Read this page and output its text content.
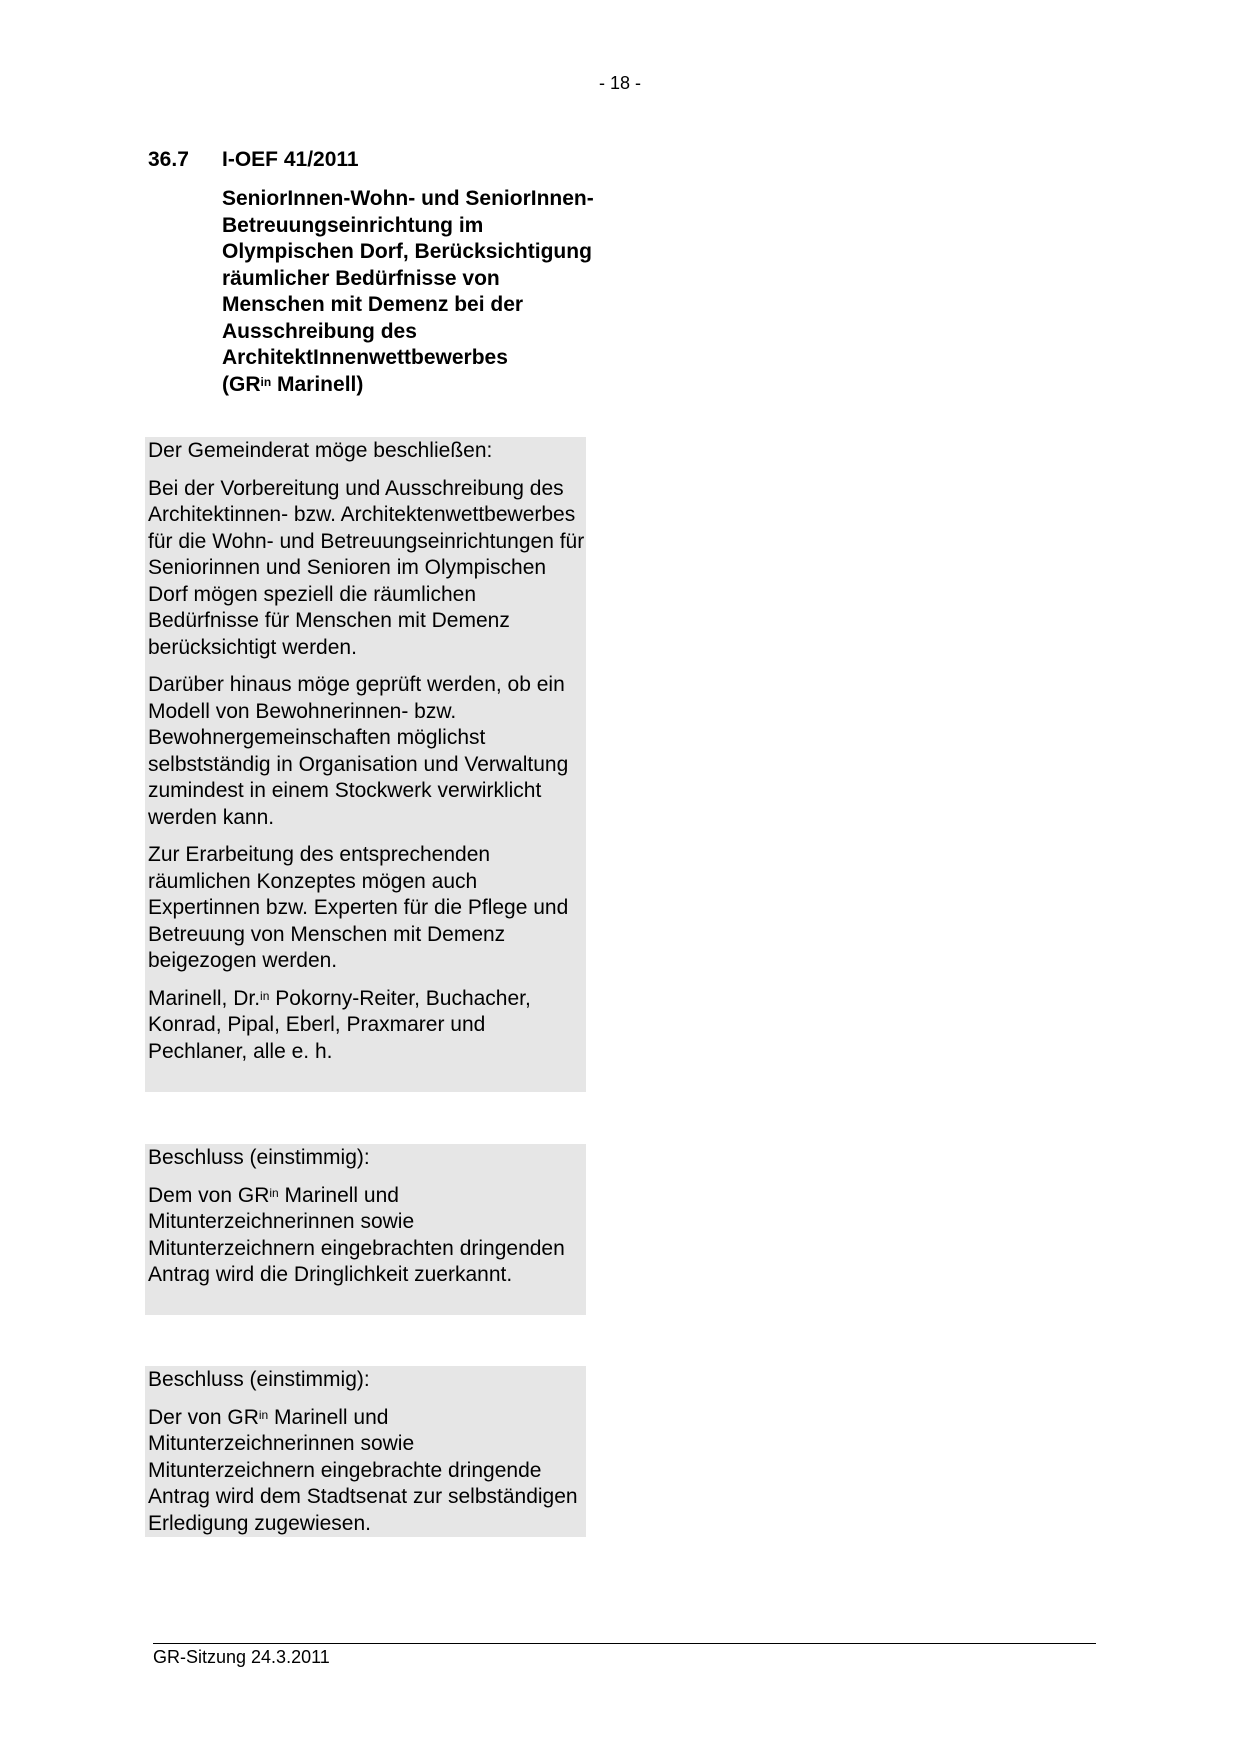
- 18 -
36.7 I-OEF 41/2011
SeniorInnen-Wohn- und SeniorInnen-Betreuungseinrichtung im Olympischen Dorf, Berücksichtigung räumlicher Bedürfnisse von Menschen mit Demenz bei der Ausschreibung des ArchitektInnenwettbewerbes
($GR^{in}$ Marinell)

Der Gemeinderat möge beschließen:

Bei der Vorbereitung und Ausschreibung des Architektinnen- bzw. Architektenwettbewerbes für die Wohn- und Betreuungseinrichtungen für Seniorinnen und Senioren im Olympischen Dorf mögen speziell die räumlichen Bedürfnisse für Menschen mit Demenz berücksichtigt werden.

Darüber hinaus möge geprüft werden, ob ein Modell von Bewohnerinnen- bzw. Bewohnergemeinschaften möglichst selbstständig in Organisation und Verwaltung zumindest in einem Stockwerk verwirklicht werden kann.

Zur Erarbeitung des entsprechenden räumlichen Konzeptes mögen auch Expertinnen bzw. Experten für die Pflege und Betreuung von Menschen mit Demenz beigezogen werden.

Marinell, Dr.$^{in}$ Pokorny-Reiter, Buchacher, Konrad, Pipal, Eberl, Praxmarer und Pechlaner, alle e. h.

Beschluss (einstimmig):

Dem von $GR^{in}$ Marinell und Mitunterzeichnerinnen sowie Mitunterzeichnern eingebrachten dringenden Antrag wird die Dringlichkeit zuerkannt.

Beschluss (einstimmig):

Der von $GR^{in}$ Marinell und Mitunterzeichnerinnen sowie Mitunterzeichnern eingebrachte dringende Antrag wird dem Stadtsenat zur selbständigen Erledigung zugewiesen.

GR-Sitzung 24.3.2011
